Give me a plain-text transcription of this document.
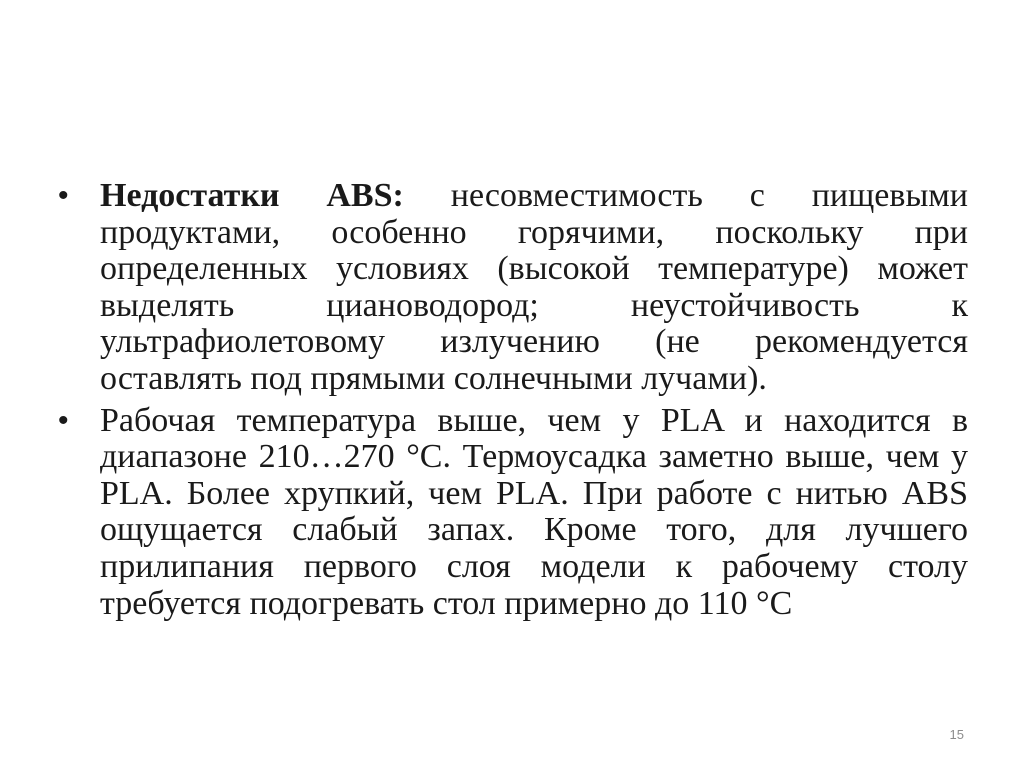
• Недостатки ABS: несовместимость с пищевыми продуктами, особенно горячими, поскольку при определенных условиях (высокой температуре) может выделять циановодород; неустойчивость к ультрафиолетовому излучению (не рекомендуется оставлять под прямыми солнечными лучами).
• Рабочая температура выше, чем у PLA и находится в диапазоне 210…270 °С. Термоусадка заметно выше, чем у PLA. Более хрупкий, чем PLA. При работе с нитью ABS ощущается слабый запах. Кроме того, для лучшего прилипания первого слоя модели к рабочему столу требуется подогревать стол примерно до 110 °С
15
